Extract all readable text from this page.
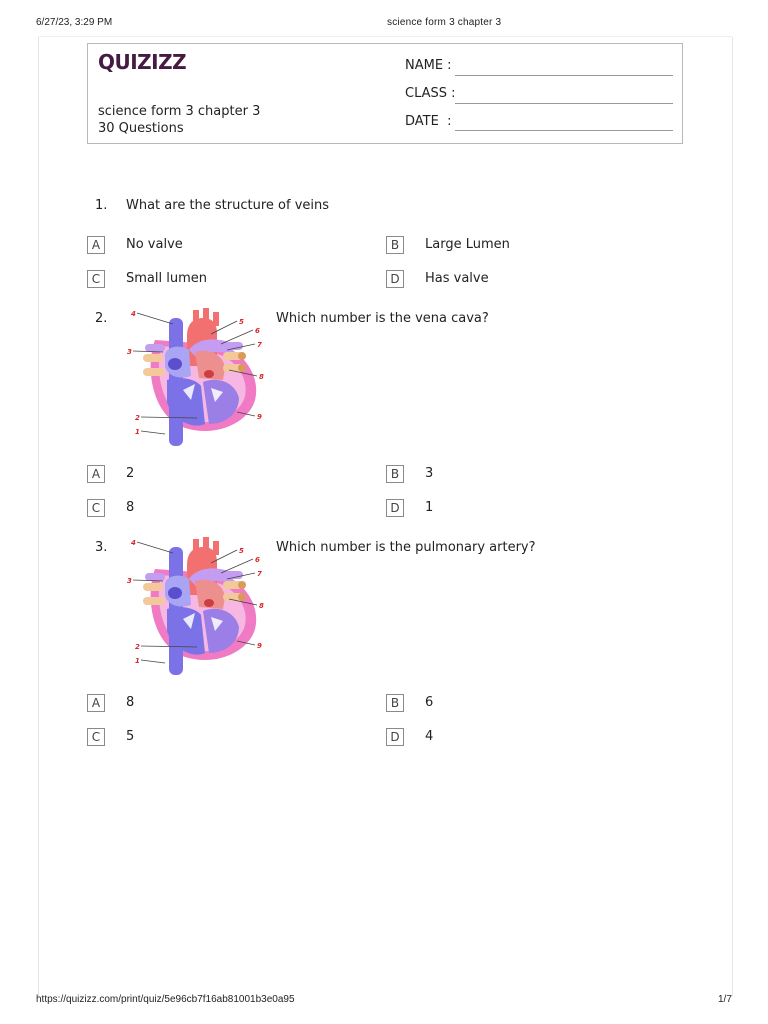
6/27/23, 3:29 PM	science form 3 chapter 3
QUIZIZZ
science form 3 chapter 3
30 Questions
NAME :
CLASS :
DATE  :
1. What are the structure of veins
A	No valve	B	Large Lumen
C	Small lumen	D	Has valve
2.
1
2
3
4
5
6
7
8
9
Which number is the vena cava?
A	2	B	3
C	8	D	1
3.
1
2
3
4
5
6
7
8
9
Which number is the pulmonary artery?
A	8	B	6
C	5	D	4
https://quizizz.com/print/quiz/5e96cb7f16ab81001b3e0a95	1/7
